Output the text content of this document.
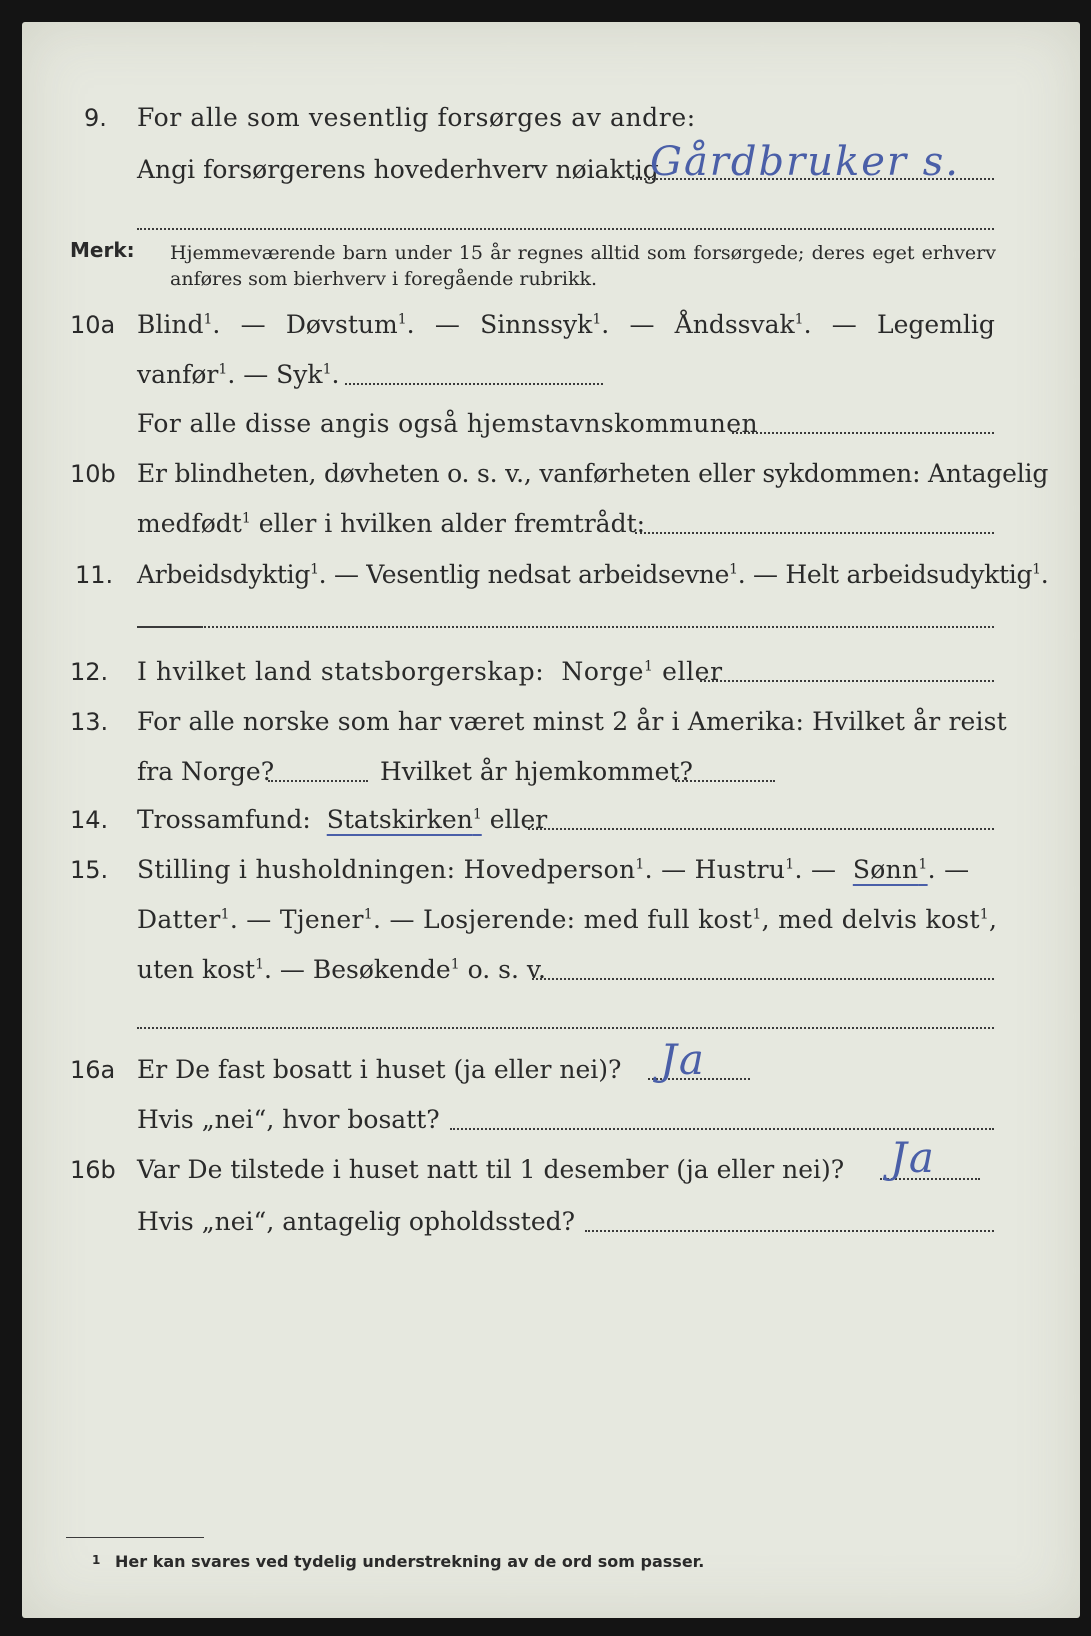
9.	For alle som vesentlig forsørges av andre:
Angi forsørgerens hovederhverv nøiaktig
Gårdbruker s.
Merk: Hjemmeværende barn under 15 år regnes alltid som forsørgede; deres eget erhverv
anføres som bierhverv i foregående rubrikk.
10a Blind$^1$. — Døvstum$^1$. — Sinnssyk$^1$. — Åndssvak$^1$. — Legemlig
vanfør$^1$. — Syk$^1$.
For alle disse angis også hjemstavnskommunen
10b Er blindheten, døvheten o. s. v., vanførheten eller sykdommen: Antagelig
medfødt$^1$ eller i hvilken alder fremtrådt:
11. Arbeidsdyktig$^1$. — Vesentlig nedsat arbeidsevne$^1$. — Helt arbeidsudyktig$^1$.
12.	I hvilket land statsborgerskap: Norge$^1$ eller
13.	For alle norske som har været minst 2 år i Amerika: Hvilket år reist
fra Norge?	Hvilket år hjemkommet?
14.	Trossamfund: Statskirken$^1$ eller
15.	Stilling i husholdningen: Hovedperson$^1$. — Hustru$^1$. — Sønn$^1$. —
Datter$^1$. — Tjener$^1$. — Losjerende: med full kost$^1$, med delvis kost$^1$,
uten kost$^1$. — Besøkende$^1$ o. s. v.
16a Er De fast bosatt i huset (ja eller nei)? Ja
Hvis „nei“, hvor bosatt?
16b Var De tilstede i huset natt til 1 desember (ja eller nei)? Ja
Hvis „nei“, antagelig opholdssted?
1 Her kan svares ved tydelig understrekning av de ord som passer.
